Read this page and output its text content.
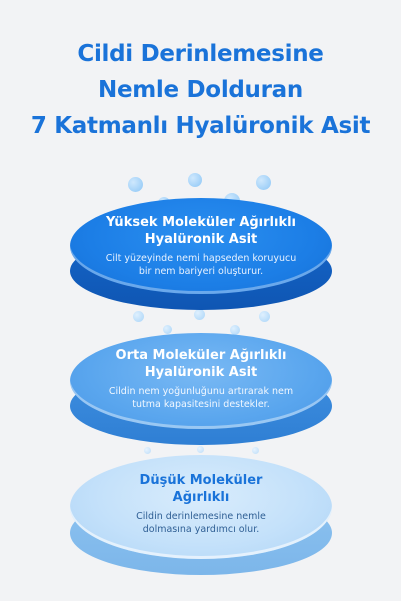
Cildi Derinlemesine
Nemle Dolduran
7 Katmanlı Hyalüronik Asit
Yüksek Moleküler Ağırlıklı
Hyalüronik Asit
Cilt yüzeyinde nemi hapseden koruyucu
bir nem bariyeri oluşturur.
Orta Moleküler Ağırlıklı
Hyalüronik Asit
Cildin nem yoğunluğunu artırarak nem
tutma kapasitesini destekler.
Düşük Moleküler
Ağırlıklı
Cildin derinlemesine nemle
dolmasına yardımcı olur.
